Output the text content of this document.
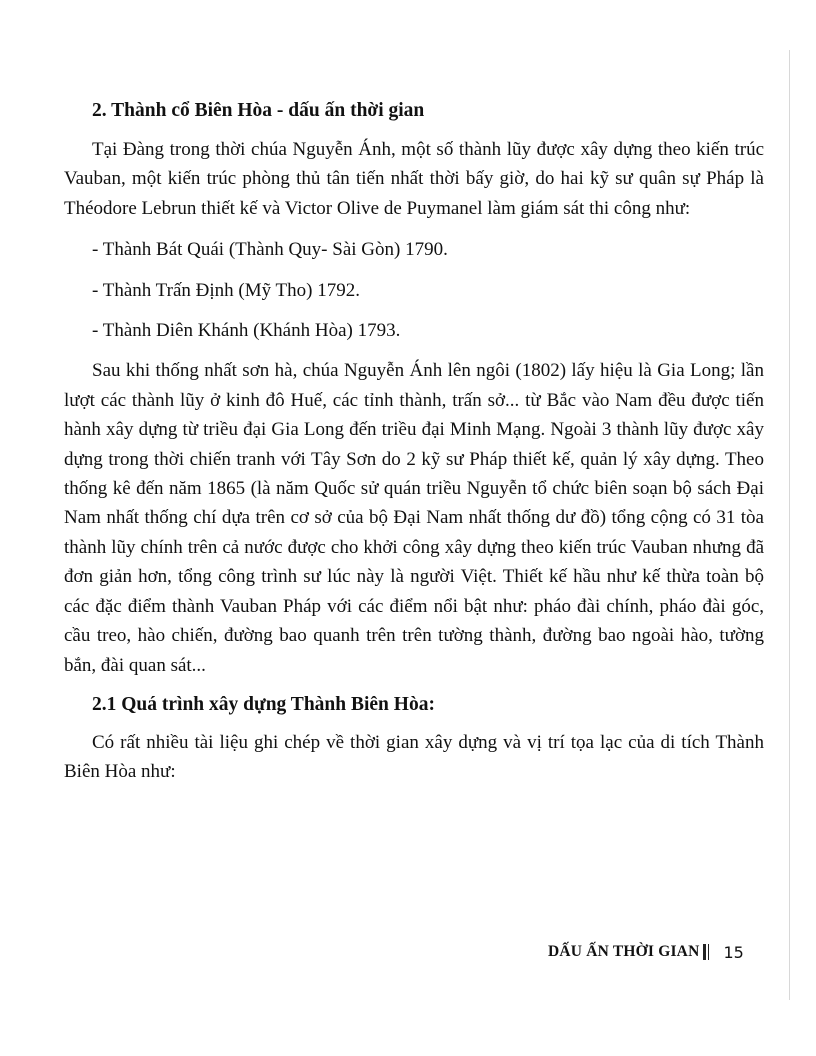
2. Thành cổ Biên Hòa - dấu ấn thời gian

Tại Đàng trong thời chúa Nguyễn Ánh, một số thành lũy được xây dựng theo kiến trúc Vauban, một kiến trúc phòng thủ tân tiến nhất thời bấy giờ, do hai kỹ sư quân sự Pháp là Théodore Lebrun thiết kế và Victor Olive de Puymanel làm giám sát thi công như:

- Thành Bát Quái (Thành Quy- Sài Gòn) 1790.

- Thành Trấn Định (Mỹ Tho) 1792.

- Thành Diên Khánh (Khánh Hòa) 1793.

Sau khi thống nhất sơn hà, chúa Nguyễn Ánh lên ngôi (1802) lấy hiệu là Gia Long; lần lượt các thành lũy ở kinh đô Huế, các tỉnh thành, trấn sở... từ Bắc vào Nam đều được tiến hành xây dựng từ triều đại Gia Long đến triều đại Minh Mạng. Ngoài 3 thành lũy được xây dựng trong thời chiến tranh với Tây Sơn do 2 kỹ sư Pháp thiết kế, quản lý xây dựng. Theo thống kê đến năm 1865 (là năm Quốc sử quán triều Nguyễn tổ chức biên soạn bộ sách Đại Nam nhất thống chí dựa trên cơ sở của bộ Đại Nam nhất thống dư đồ) tổng cộng có 31 tòa thành lũy chính trên cả nước được cho khởi công xây dựng theo kiến trúc Vauban nhưng đã đơn giản hơn, tổng công trình sư lúc này là người Việt. Thiết kế hầu như kế thừa toàn bộ các đặc điểm thành Vauban Pháp với các điểm nổi bật như: pháo đài chính, pháo đài góc, cầu treo, hào chiến, đường bao quanh trên trên tường thành, đường bao ngoài hào, tường bắn, đài quan sát...

2.1 Quá trình xây dựng Thành Biên Hòa:

Có rất nhiều tài liệu ghi chép về thời gian xây dựng và vị trí tọa lạc của di tích Thành Biên Hòa như:

DẤU ẤN THỜI GIAN 15
